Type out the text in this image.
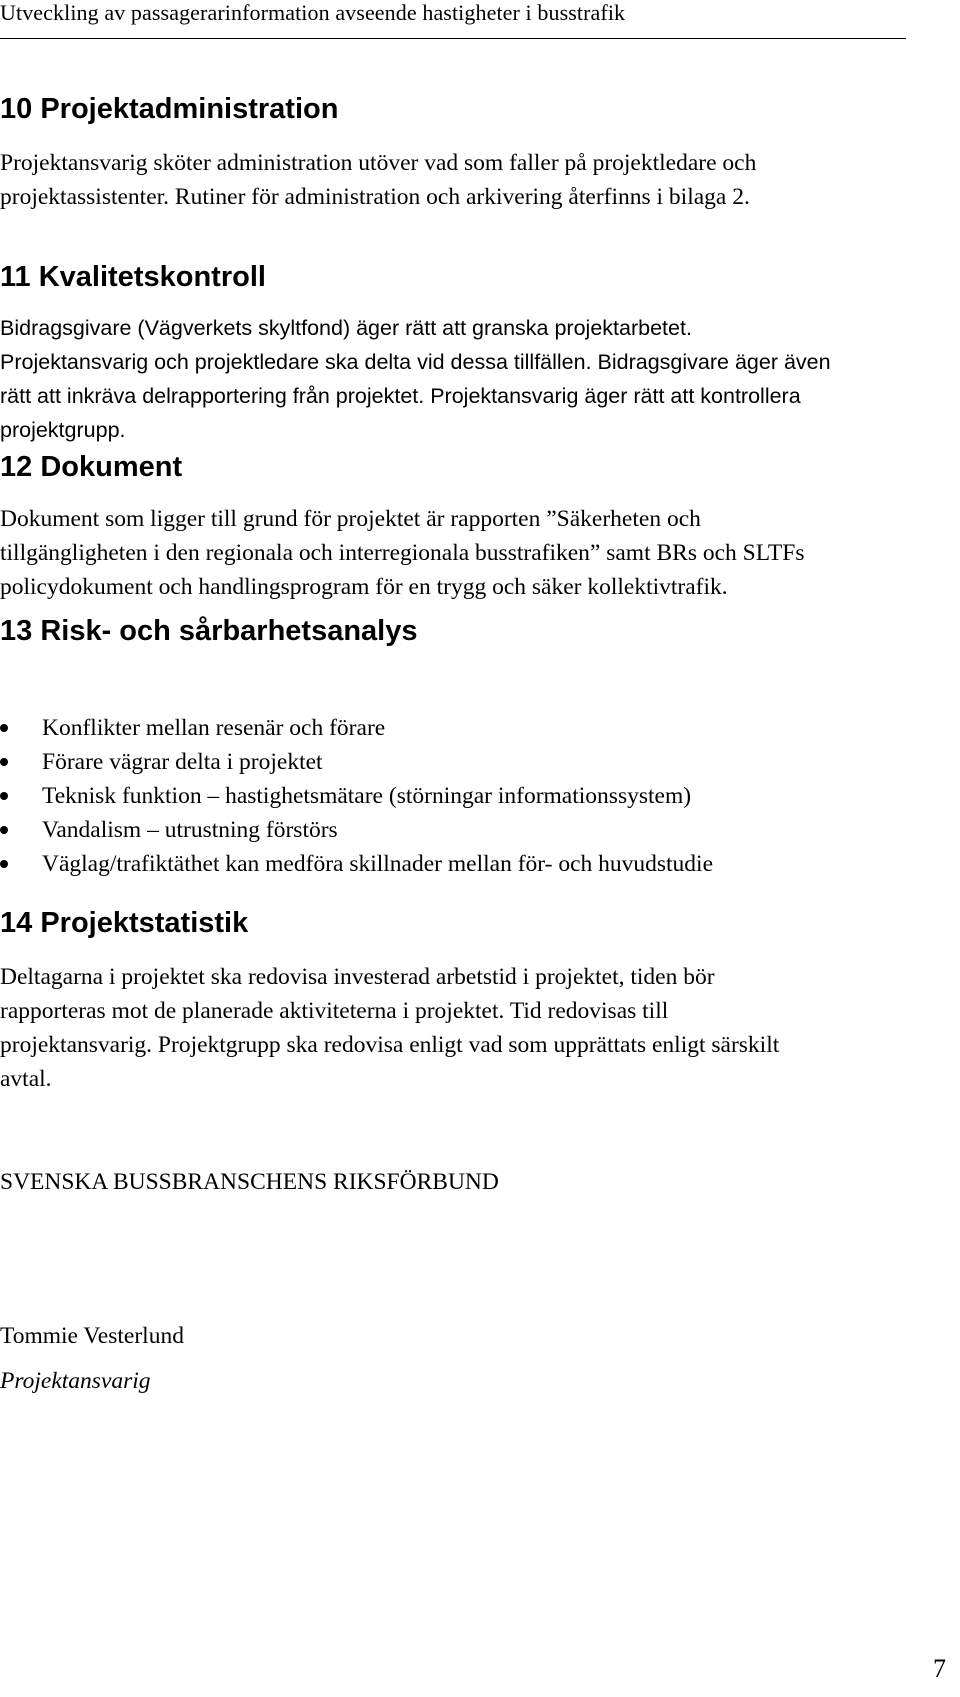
Utveckling av passagerarinformation avseende hastigheter i busstrafik
10 Projektadministration
Projektansvarig sköter administration utöver vad som faller på projektledare och
projektassistenter. Rutiner för administration och arkivering återfinns i bilaga 2.
11 Kvalitetskontroll
Bidragsgivare (Vägverkets skyltfond) äger rätt att granska projektarbetet.
Projektansvarig och projektledare ska delta vid dessa tillfällen. Bidragsgivare äger även
rätt att inkräva delrapportering från projektet. Projektansvarig äger rätt att kontrollera
projektgrupp.
12 Dokument
Dokument som ligger till grund för projektet är rapporten ”Säkerheten och
tillgängligheten i den regionala och interregionala busstrafiken” samt BRs och SLTFs
policydokument och handlingsprogram för en trygg och säker kollektivtrafik.
13 Risk- och sårbarhetsanalys
Konflikter mellan resenär och förare
Förare vägrar delta i projektet
Teknisk funktion – hastighetsmätare (störningar informationssystem)
Vandalism – utrustning förstörs
Väglag/trafiktäthet kan medföra skillnader mellan för- och huvudstudie
14 Projektstatistik
Deltagarna i projektet ska redovisa investerad arbetstid i projektet, tiden bör
rapporteras mot de planerade aktiviteterna i projektet. Tid redovisas till
projektansvarig. Projektgrupp ska redovisa enligt vad som upprättats enligt särskilt
avtal.
SVENSKA BUSSBRANSCHENS RIKSFÖRBUND
Tommie Vesterlund
Projektansvarig
7
